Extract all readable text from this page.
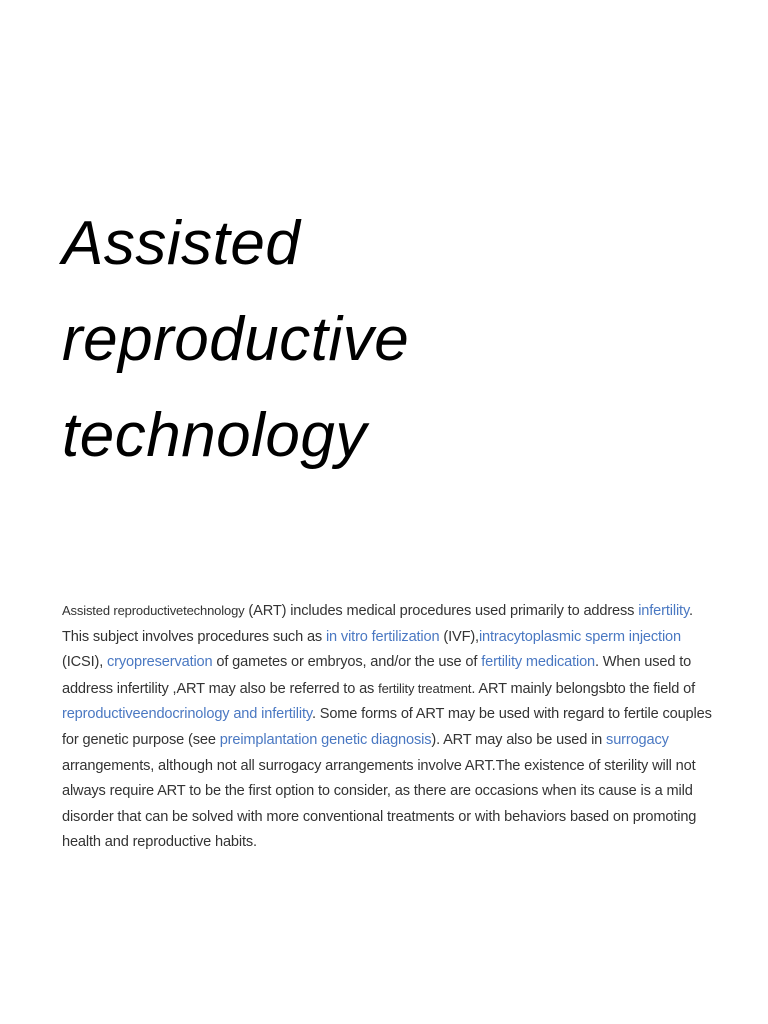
Assisted
reproductive
technology

Assisted reproductivetechnology (ART) includes medical procedures used primarily to address infertility. This subject involves procedures such as in vitro fertilization (IVF),intracytoplasmic sperm injection (ICSI), cryopreservation of gametes or embryos, and/or the use of fertility medication. When used to address infertility ,ART may also be referred to as fertility treatment. ART mainly belongsbto the field of reproductiveendocrinology and infertility. Some forms of ART may be used with regard to fertile couples for genetic purpose (see preimplantation genetic diagnosis). ART may also be used in surrogacy arrangements, although not all surrogacy arrangements involve ART.The existence of sterility will not always require ART to be the first option to consider, as there are occasions when its cause is a mild disorder that can be solved with more conventional treatments or with behaviors based on promoting health and reproductive habits.
